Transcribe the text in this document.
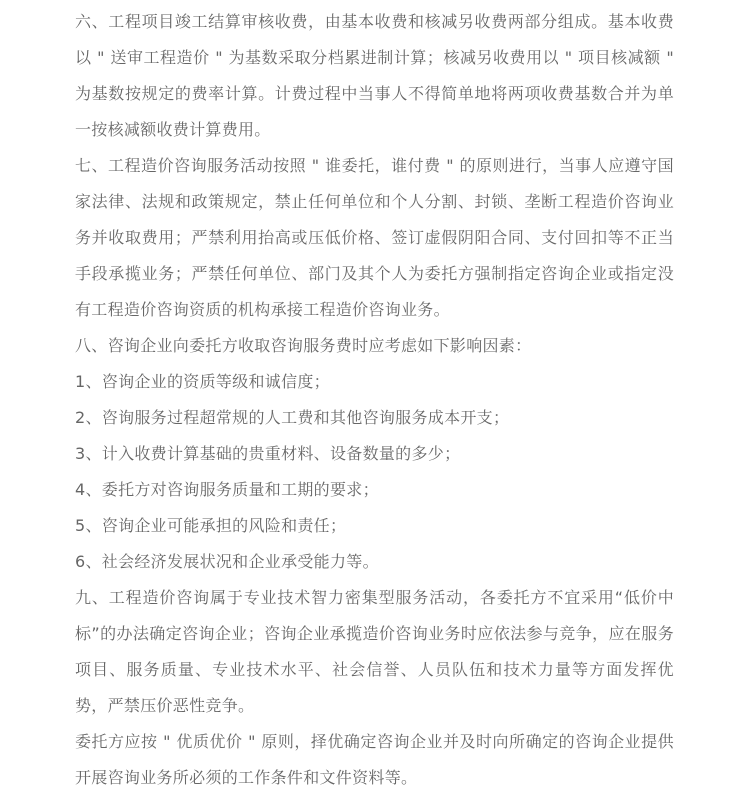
六、工程项目竣工结算审核收费，由基本收费和核减另收费两部分组成。基本收费以 " 送审工程造价 " 为基数采取分档累进制计算；核减另收费用以 " 项目核减额 " 为基数按规定的费率计算。计费过程中当事人不得简单地将两项收费基数合并为单一按核减额收费计算费用。

七、工程造价咨询服务活动按照 " 谁委托，谁付费 " 的原则进行，当事人应遵守国家法律、法规和政策规定，禁止任何单位和个人分割、封锁、垄断工程造价咨询业务并收取费用；严禁利用抬高或压低价格、签订虚假阴阳合同、支付回扣等不正当手段承揽业务；严禁任何单位、部门及其个人为委托方强制指定咨询企业或指定没有工程造价咨询资质的机构承接工程造价咨询业务。

八、咨询企业向委托方收取咨询服务费时应考虑如下影响因素：

1、咨询企业的资质等级和诚信度；

2、咨询服务过程超常规的人工费和其他咨询服务成本开支；

3、计入收费计算基础的贵重材料、设备数量的多少；

4、委托方对咨询服务质量和工期的要求；

5、咨询企业可能承担的风险和责任；

6、社会经济发展状况和企业承受能力等。

九、工程造价咨询属于专业技术智力密集型服务活动，各委托方不宜采用“低价中标”的办法确定咨询企业；咨询企业承揽造价咨询业务时应依法参与竞争，应在服务项目、服务质量、专业技术水平、社会信誉、人员队伍和技术力量等方面发挥优势，严禁压价恶性竞争。

委托方应按 " 优质优价 " 原则，择优确定咨询企业并及时向所确定的咨询企业提供开展咨询业务所必须的工作条件和文件资料等。
